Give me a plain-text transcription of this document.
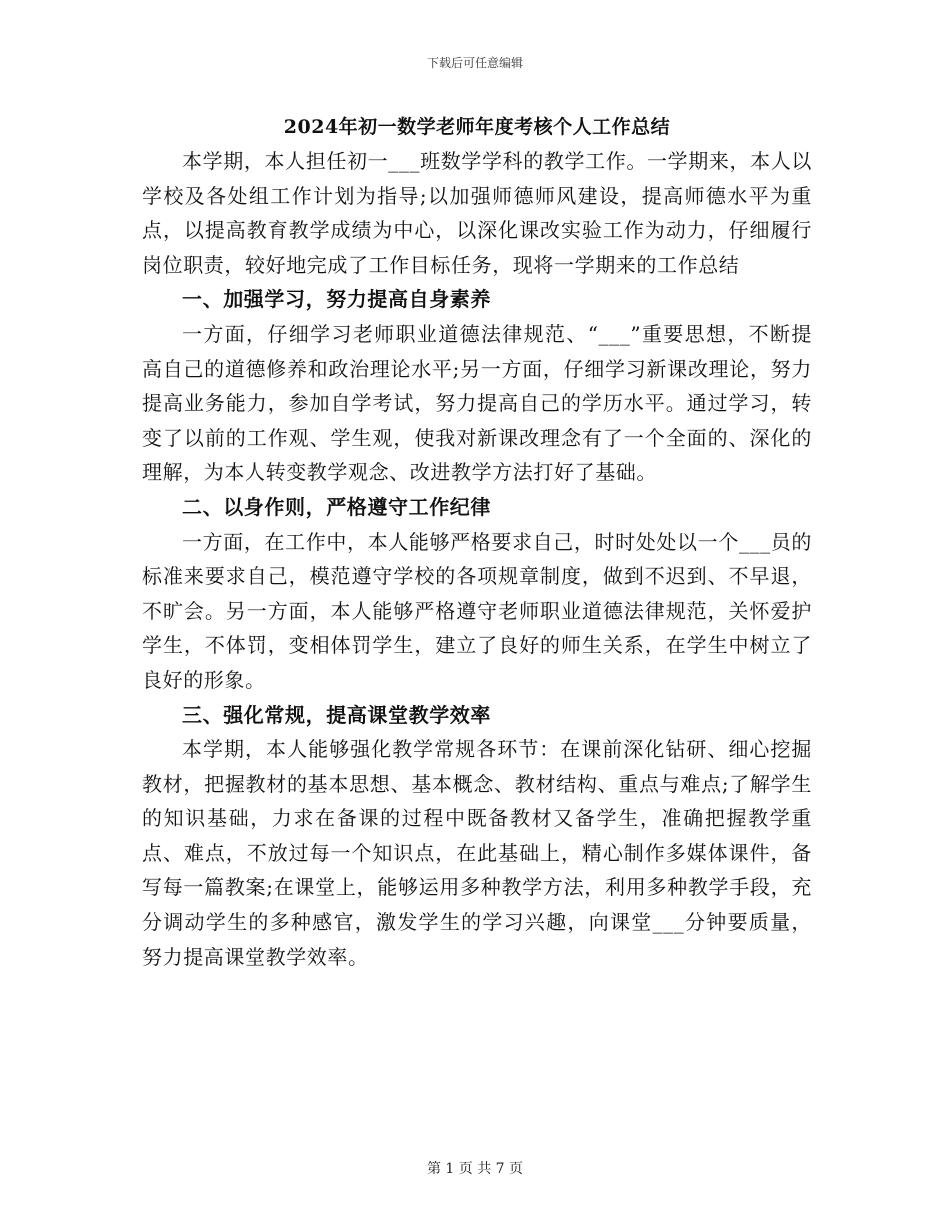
下载后可任意编辑
2024年初一数学老师年度考核个人工作总结

本学期，本人担任初一___班数学学科的教学工作。一学期来，本人以学校及各处组工作计划为指导;以加强师德师风建设，提高师德水平为重点，以提高教育教学成绩为中心，以深化课改实验工作为动力，仔细履行岗位职责，较好地完成了工作目标任务，现将一学期来的工作总结

一、加强学习，努力提高自身素养

一方面，仔细学习老师职业道德法律规范、“___”重要思想，不断提高自己的道德修养和政治理论水平;另一方面，仔细学习新课改理论，努力提高业务能力，参加自学考试，努力提高自己的学历水平。通过学习，转变了以前的工作观、学生观，使我对新课改理念有了一个全面的、深化的理解，为本人转变教学观念、改进教学方法打好了基础。

二、以身作则，严格遵守工作纪律

一方面，在工作中，本人能够严格要求自己，时时处处以一个___员的标准来要求自己，模范遵守学校的各项规章制度，做到不迟到、不早退，不旷会。另一方面，本人能够严格遵守老师职业道德法律规范，关怀爱护学生，不体罚，变相体罚学生，建立了良好的师生关系，在学生中树立了良好的形象。

三、强化常规，提高课堂教学效率

本学期，本人能够强化教学常规各环节：在课前深化钻研、细心挖掘教材，把握教材的基本思想、基本概念、教材结构、重点与难点;了解学生的知识基础，力求在备课的过程中既备教材又备学生，准确把握教学重点、难点，不放过每一个知识点，在此基础上，精心制作多媒体课件，备写每一篇教案;在课堂上，能够运用多种教学方法，利用多种教学手段，充分调动学生的多种感官，激发学生的学习兴趣，向课堂___分钟要质量，努力提高课堂教学效率。

第 1 页 共 7 页
